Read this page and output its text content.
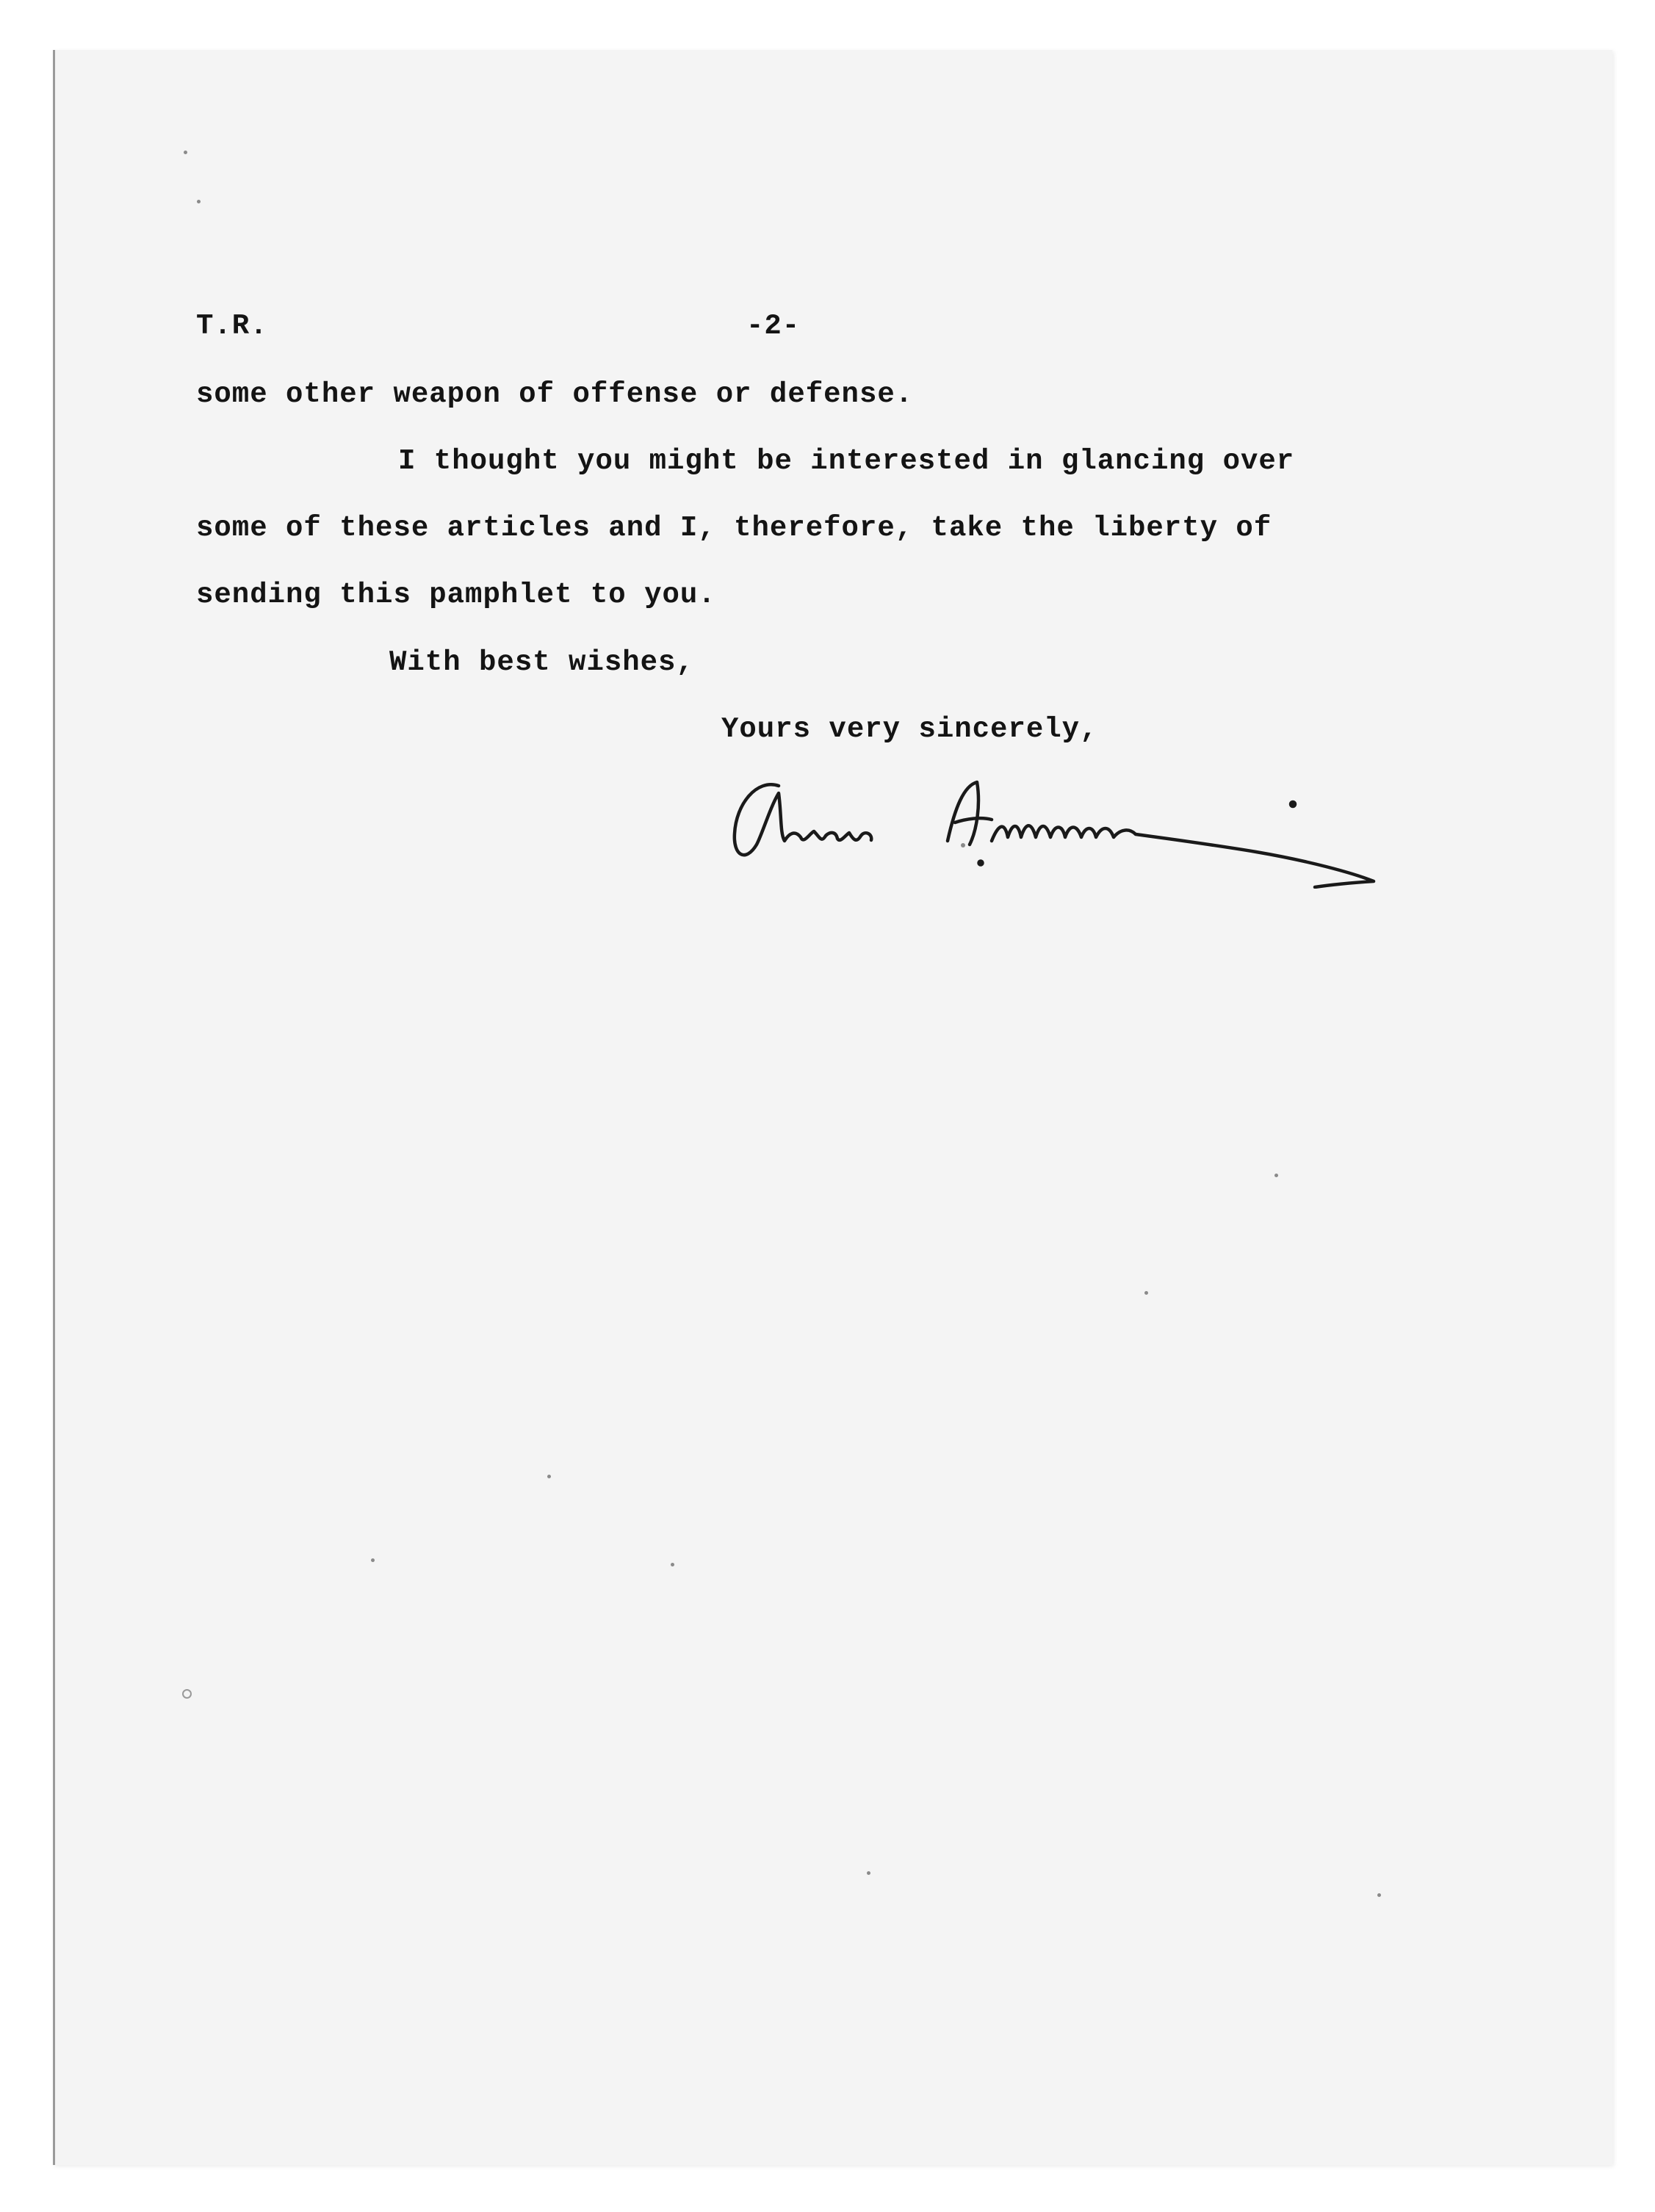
T.R.	-2-

some other weapon of offense or defense.

I thought you might be interested in glancing over

some of these articles and I, therefore, take the liberty of

sending this pamphlet to you.

With best wishes,

Yours very sincerely,
